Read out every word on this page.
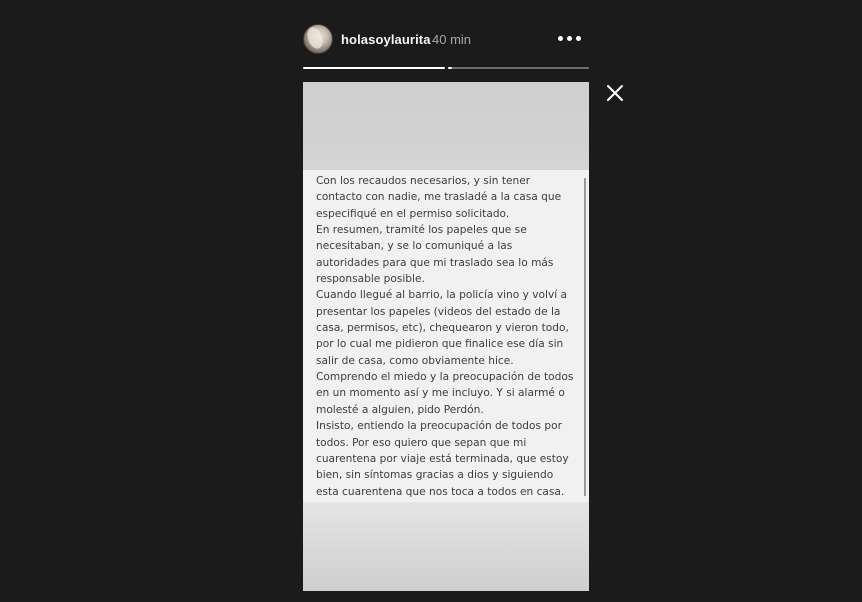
holasoylaurita 40 min
Con los recaudos necesarios, y sin tener
contacto con nadie, me trasladé a la casa que
especifiqué en el permiso solicitado.
En resumen, tramité los papeles que se
necesitaban, y se lo comuniqué a las
autoridades para que mi traslado sea lo más
responsable posible.
Cuando llegué al barrio, la policía vino y volví a
presentar los papeles (videos del estado de la
casa, permisos, etc), chequearon y vieron todo,
por lo cual me pidieron que finalice ese día sin
salir de casa, como obviamente hice.
Comprendo el miedo y la preocupación de todos
en un momento así y me incluyo. Y si alarmé o
molesté a alguien, pido Perdón.
Insisto, entiendo la preocupación de todos por
todos. Por eso quiero que sepan que mi
cuarentena por viaje está terminada, que estoy
bien, sin síntomas gracias a dios y siguiendo
esta cuarentena que nos toca a todos en casa.
